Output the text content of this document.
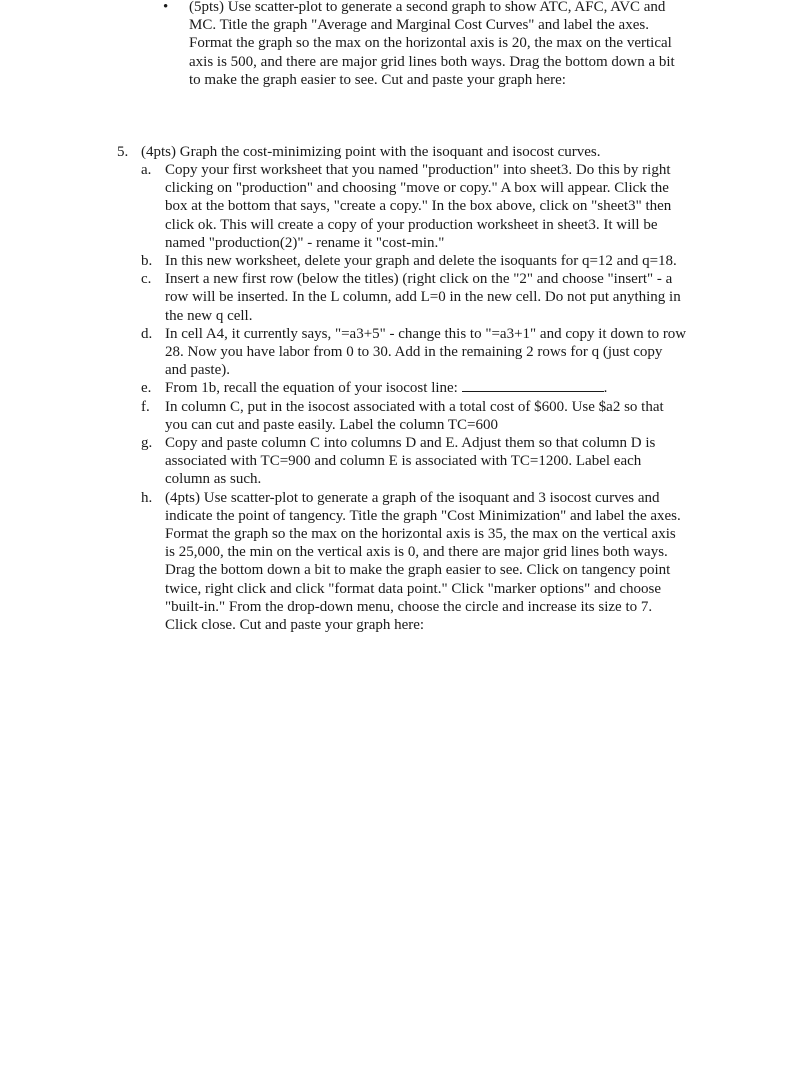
•	(5pts) Use scatter-plot to generate a second graph to show ATC, AFC, AVC and MC. Title the graph "Average and Marginal Cost Curves" and label the axes. Format the graph so the max on the horizontal axis is 20, the max on the vertical axis is 500, and there are major grid lines both ways. Drag the bottom down a bit to make the graph easier to see. Cut and paste your graph here:
5. (4pts) Graph the cost-minimizing point with the isoquant and isocost curves.
a. Copy your first worksheet that you named "production" into sheet3. Do this by right clicking on "production" and choosing "move or copy." A box will appear. Click the box at the bottom that says, "create a copy." In the box above, click on "sheet3" then click ok. This will create a copy of your production worksheet in sheet3. It will be named "production(2)" - rename it "cost-min."
b. In this new worksheet, delete your graph and delete the isoquants for q=12 and q=18.
c. Insert a new first row (below the titles) (right click on the "2" and choose "insert" - a row will be inserted. In the L column, add L=0 in the new cell. Do not put anything in the new q cell.
d. In cell A4, it currently says, "=a3+5" - change this to "=a3+1" and copy it down to row 28. Now you have labor from 0 to 30. Add in the remaining 2 rows for q (just copy and paste).
e. From 1b, recall the equation of your isocost line:	.
f. In column C, put in the isocost associated with a total cost of $600. Use $a2 so that you can cut and paste easily. Label the column TC=600
g. Copy and paste column C into columns D and E. Adjust them so that column D is associated with TC=900 and column E is associated with TC=1200. Label each column as such.
h. (4pts) Use scatter-plot to generate a graph of the isoquant and 3 isocost curves and indicate the point of tangency. Title the graph "Cost Minimization" and label the axes. Format the graph so the max on the horizontal axis is 35, the max on the vertical axis is 25,000, the min on the vertical axis is 0, and there are major grid lines both ways. Drag the bottom down a bit to make the graph easier to see. Click on tangency point twice, right click and click "format data point." Click "marker options" and choose "built-in." From the drop-down menu, choose the circle and increase its size to 7. Click close. Cut and paste your graph here:
